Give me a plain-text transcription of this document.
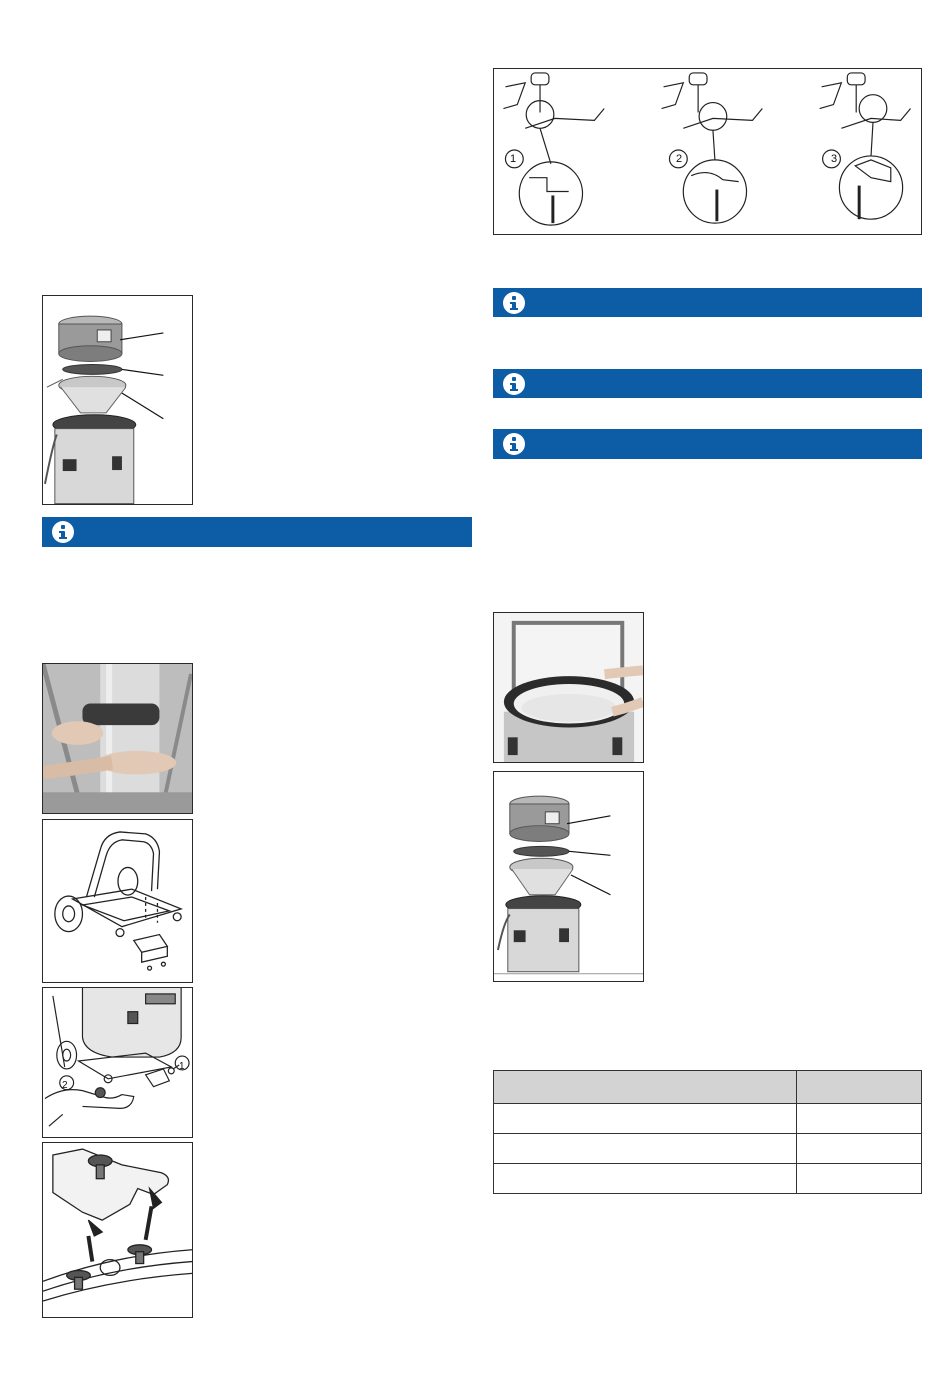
1
2
1	2	3
